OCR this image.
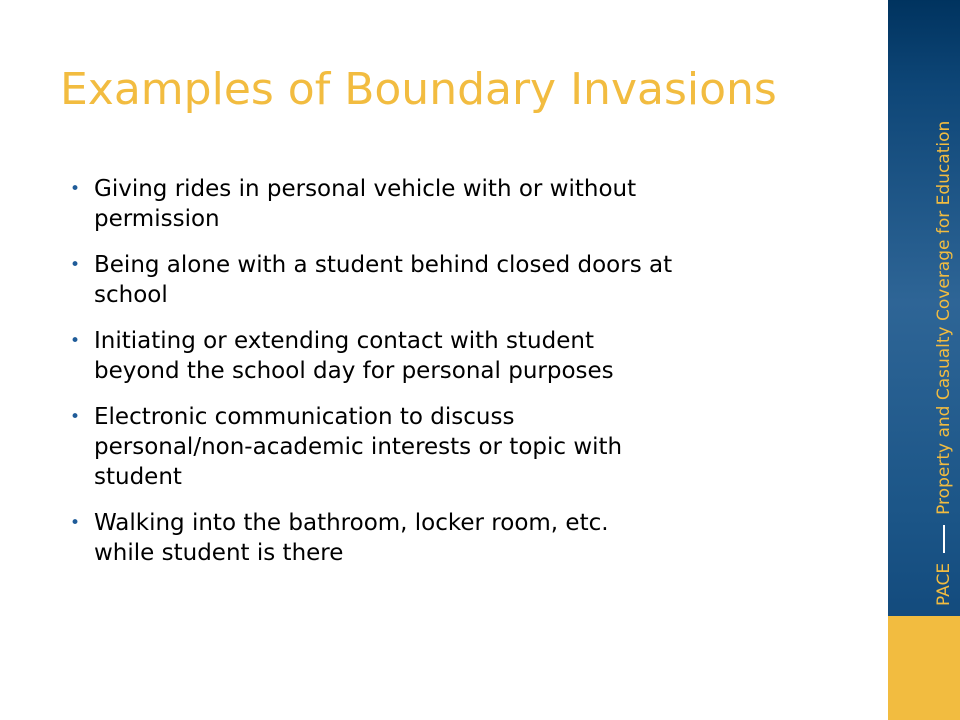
Examples of Boundary Invasions
• Giving rides in personal vehicle with or without
permission
• Being alone with a student behind closed doors at
school
• Initiating or extending contact with student
beyond the school day for personal purposes
• Electronic communication to discuss
personal/non-academic interests or topic with
student
• Walking into the bathroom, locker room, etc.
while student is there
PACE
Property and Casualty Coverage for Education
